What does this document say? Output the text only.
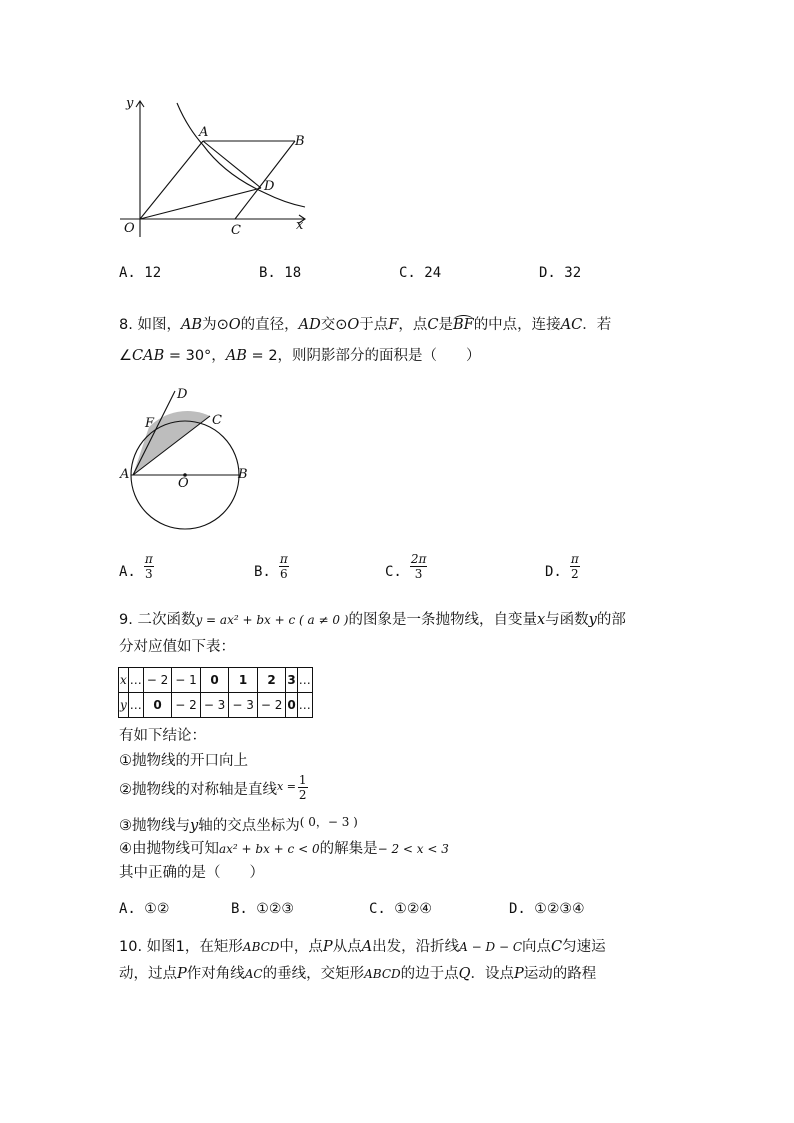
y
x
O
A
B
C
D
A. 12	B. 18	C. 24	D. 32
8. 如图，AB为⊙O的直径，AD交⊙O于点F，点C是BF的中点，连接AC．若
∠CAB = 30°，AB = 2，则阴影部分的面积是（　　）
D
F	C
A	B
O
A. $\frac{\pi}{3}$	B. $\frac{\pi}{6}$	C. $\frac{2\pi}{3}$	D. $\frac{\pi}{2}$
9. 二次函数y = ax² + bx + c ( a ≠ 0 )的图象是一条抛物线，自变量x与函数y的部
分对应值如下表：
x	…	− 2	− 1	0	1	2	3	…
y	…	0	− 2	− 3	− 3	− 2	0	…
有如下结论：
①抛物线的开口向上
②抛物线的对称轴是直线 $x = \frac{1}{2}$
③抛物线与y轴的交点坐标为$^{( 0,- 3 )}$
④由抛物线可知ax² + bx + c < 0的解集是− 2 < x < 3
其中正确的是（　　）
A. ①②	B. ①②③	C. ①②④	D. ①②③④
10. 如图1，在矩形ABCD中，点P从点A出发，沿折线A − D − C向点C匀速运
动，过点P作对角线AC的垂线，交矩形ABCD的边于点Q．设点P运动的路程
